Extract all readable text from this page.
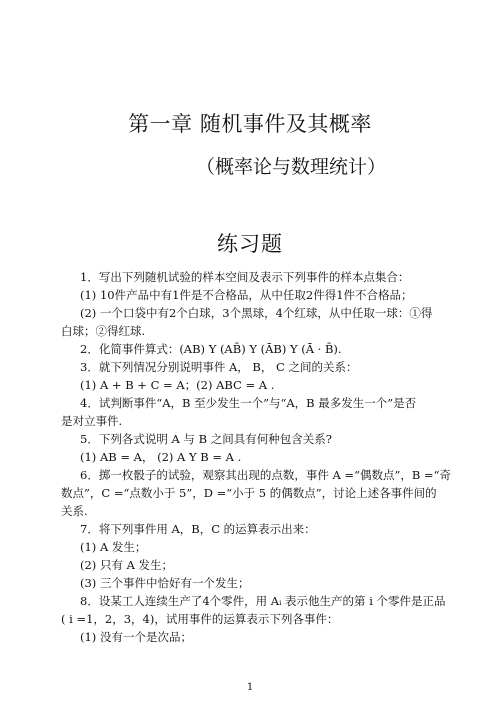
第一章 随机事件及其概率
（概率论与数理统计）
练习题
1．写出下列随机试验的样本空间及表示下列事件的样本点集合：
(1) 10件产品中有1件是不合格品，从中任取2件得1件不合格品；
(2) 一个口袋中有2个白球，3个黑球，4个红球，从中任取一球：①得
白球；②得红球.
2．化简事件算式：(AB) Υ (AB̄) Υ (ĀB) Υ (Ā · B̄).
3．就下列情况分别说明事件 A， B， C 之间的关系：
(1) A + B + C = A；(2) ABC = A .
4．试判断事件“A，B 至少发生一个”与“A，B 最多发生一个”是否
是对立事件.
5．下列各式说明 A 与 B 之间具有何种包含关系?
(1) AB = A， (2) A Υ B = A .
6．掷一枚骰子的试验，观察其出现的点数，事件 A =“偶数点”，B =“奇
数点”，C =“点数小于 5”，D =“小于 5 的偶数点”，讨论上述各事件间的
关系.
7．将下列事件用 A，B，C 的运算表示出来：
(1) A 发生；
(2) 只有 A 发生；
(3) 三个事件中恰好有一个发生；
8．设某工人连续生产了4个零件，用 Aᵢ 表示他生产的第 i 个零件是正品
( i =1，2，3，4)，试用事件的运算表示下列各事件：
(1) 没有一个是次品；
1
